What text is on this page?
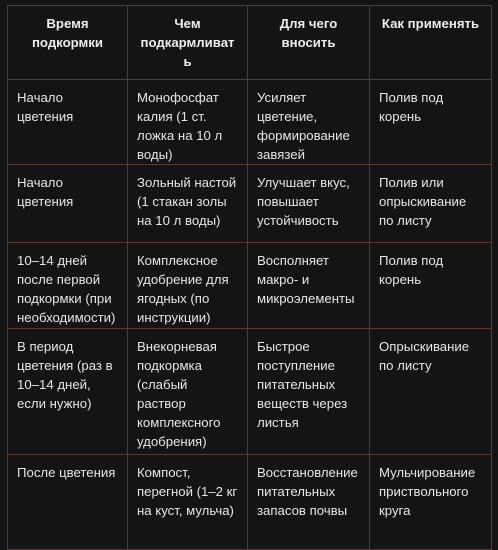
Время подкормки	Чем подкармливать	Для чего вносить	Как применять
Начало цветения	Монофосфат калия (1 ст. ложка на 10 л воды)	Усиляет цветение, формирование завязей	Полив под корень
Начало цветения	Зольный настой (1 стакан золы на 10 л воды)	Улучшает вкус, повышает устойчивость	Полив или опрыскивание по листу
10–14 дней после первой подкормки (при необходимости)	Комплексное удобрение для ягодных (по инструкции)	Восполняет макро- и микроэлементы	Полив под корень
В период цветения (раз в 10–14 дней, если нужно)	Внекорневая подкормка (слабый раствор комплексного удобрения)	Быстрое поступление питательных веществ через листья	Опрыскивание по листу
После цветения	Компост, перегной (1–2 кг на куст, мульча)	Восстановление питательных запасов почвы	Мульчирование приствольного круга
